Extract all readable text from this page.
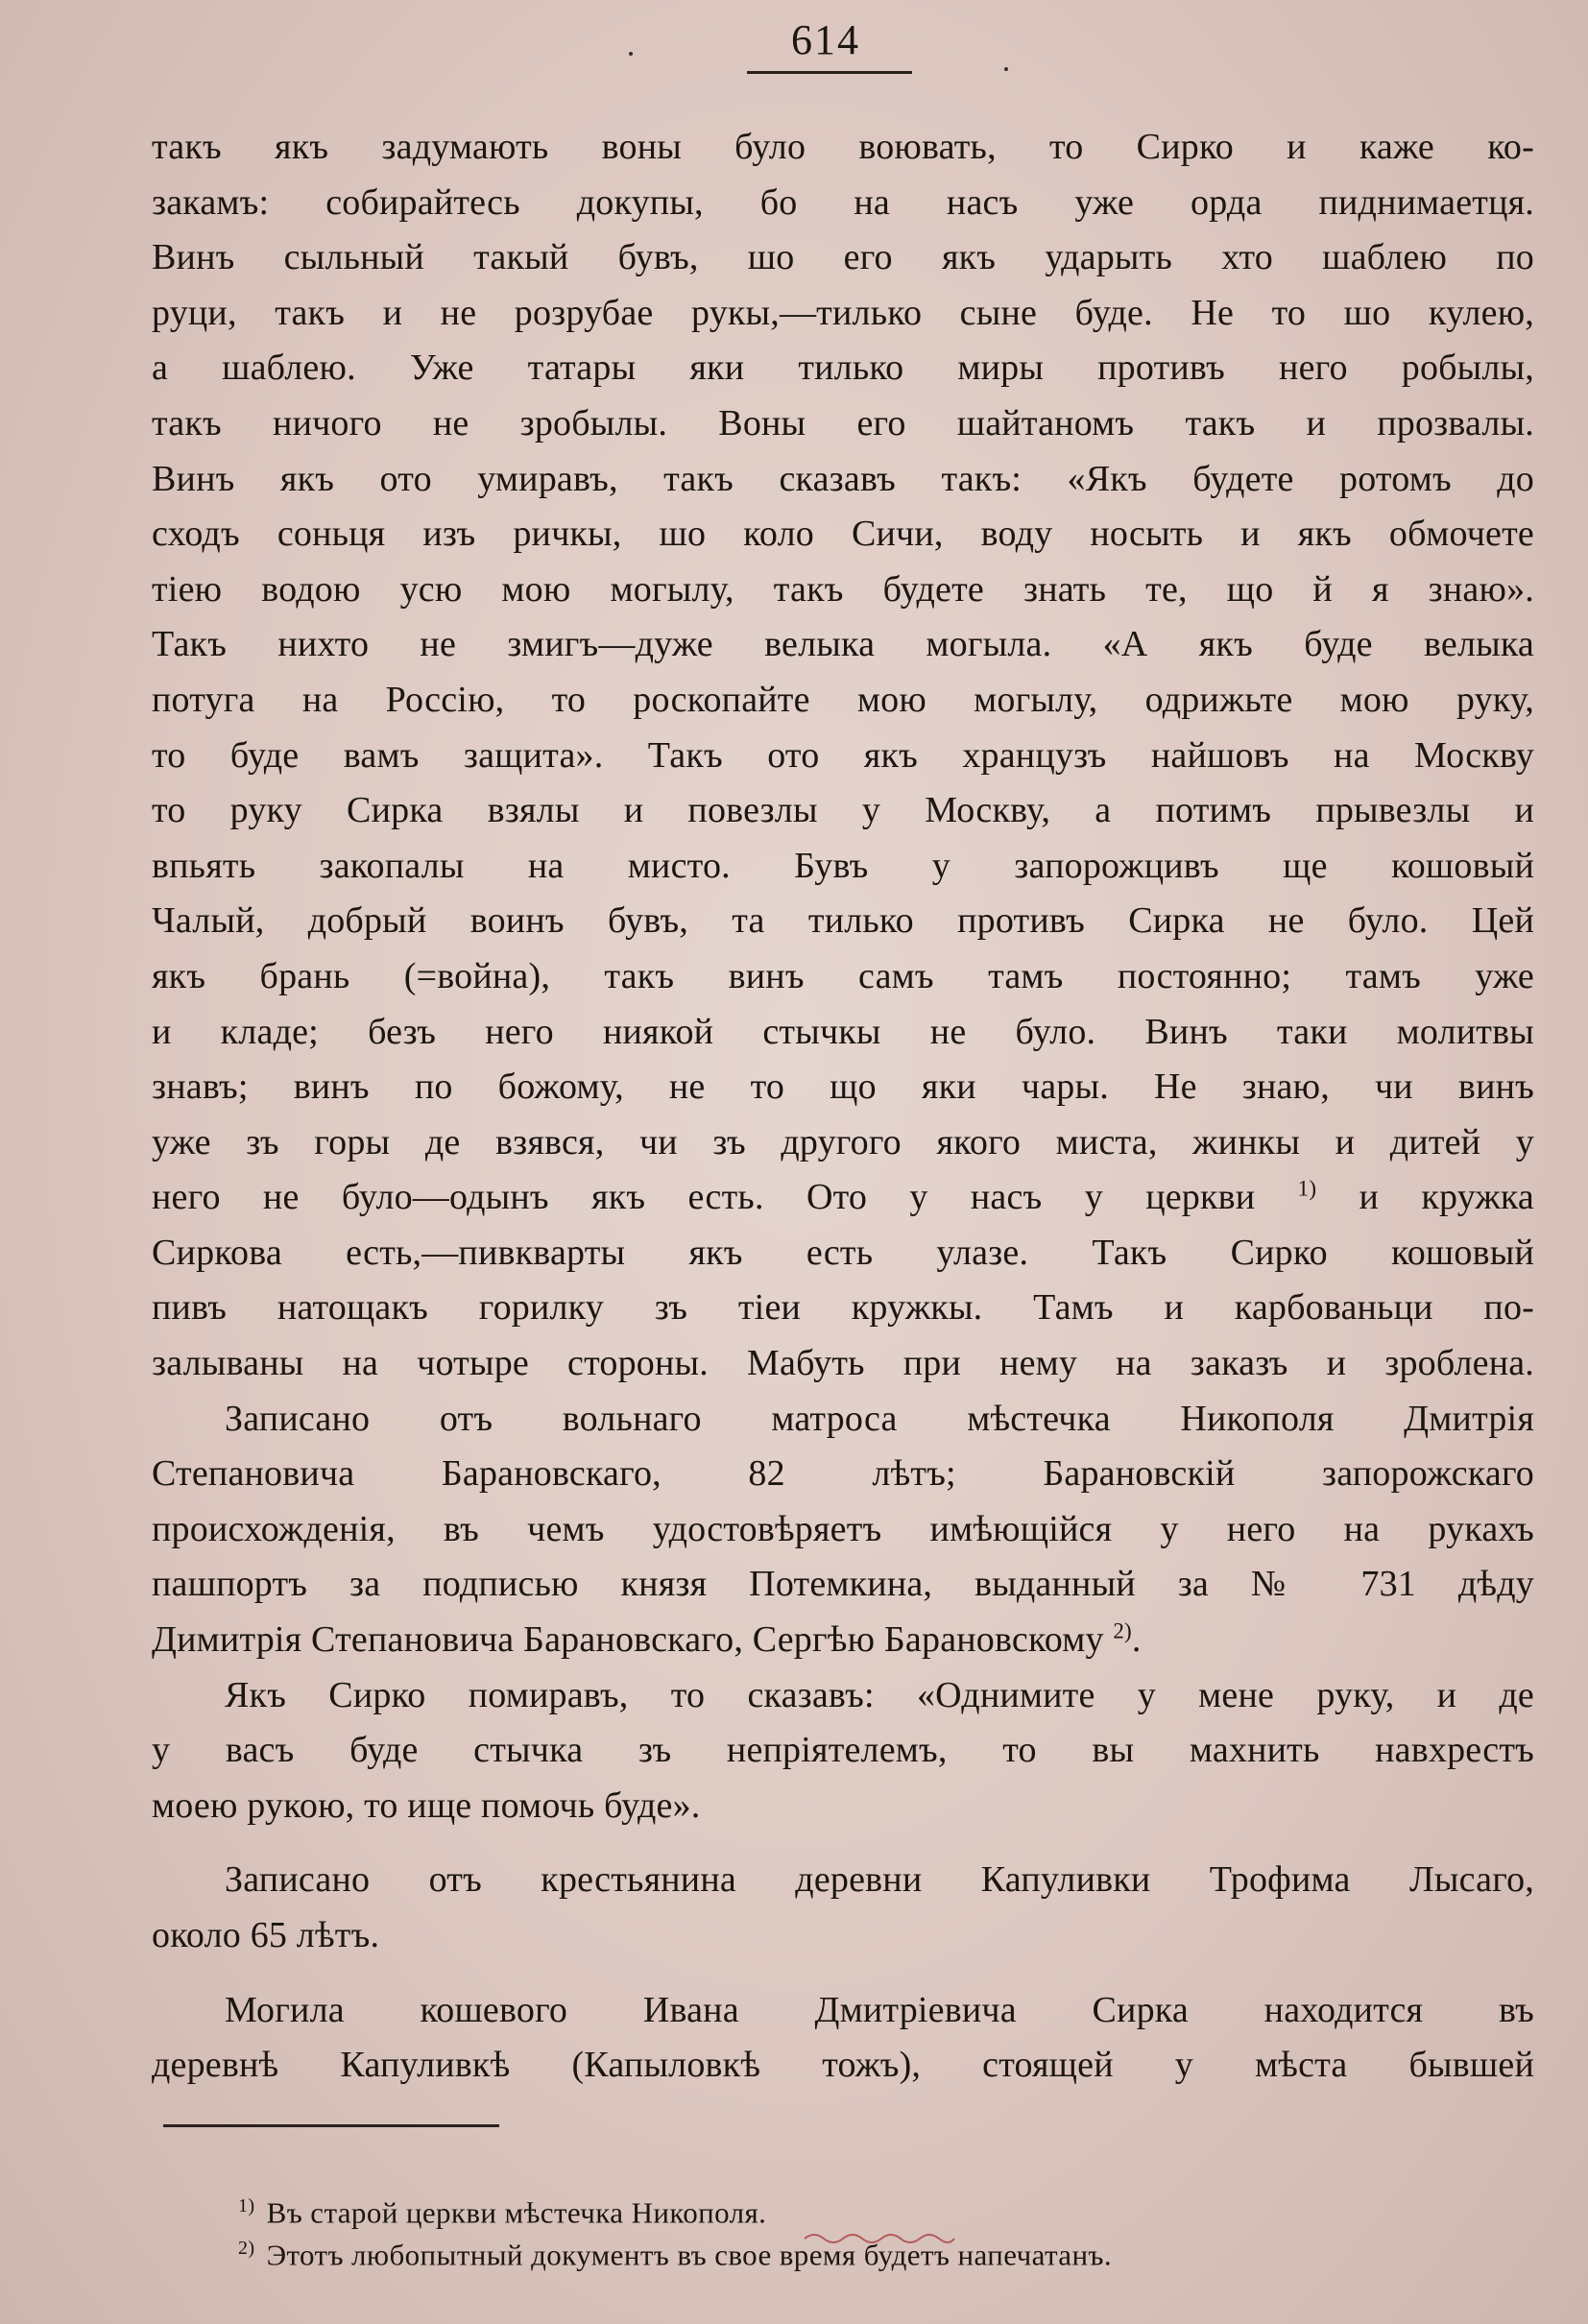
614
такъ якъ задумають воны було воювать, то Сирко и каже ко-
закамъ: собирайтесь докупы, бо на насъ уже орда пиднимаетця.
Винъ сыльный такый бувъ, шо его якъ ударыть хто шаблею по
руци, такъ и не розрубае рукы,—тилько сыне буде. Не то шо кулею,
а шаблею. Уже татары яки тилько миры противъ него робылы,
такъ ничого не зробылы. Воны его шайтаномъ такъ и прозвалы.
Винъ якъ ото умиравъ, такъ сказавъ такъ: «Якъ будете ротомъ до
сходъ соньця изъ ричкы, шо коло Сичи, воду носыть и якъ обмочете
тiею водою усю мою могылу, такъ будете знать те, що й я знаю».
Такъ нихто не змигъ—дуже велыка могыла. «А якъ буде велыка
потуга на Россiю, то роскопайте мою могылу, одрижьте мою руку,
то буде вамъ защита». Такъ ото якъ хранцузъ найшовъ на Москву
то руку Сирка взялы и повезлы у Москву, а потимъ прывезлы и
впьять закопалы на мисто. Бувъ у запорожцивъ ще кошовый
Чалый, добрый воинъ бувъ, та тилько противъ Сирка не було. Цей
якъ брань (=война), такъ винъ самъ тамъ постоянно; тамъ уже
и кладе; безъ него ниякой стычкы не було. Винъ таки молитвы
знавъ; винъ по божому, не то що яки чары. Не знаю, чи винъ
уже зъ горы де взявся, чи зъ другого якого миста, жинкы и дитей у
него не було—одынъ якъ есть. Ото у насъ у церкви $^{1)}$ и кружка
Сиркова есть,—пивкварты якъ есть улазе. Такъ Сирко кошовый
пивъ натощакъ горилку зъ тiеи кружкы. Тамъ и карбованьци по-
залываны на чотыре стороны. Мабуть при нему на заказъ и зроблена.
Записано отъ вольнаго матроса мѣстечка Никополя Дмитрiя
Степановича Барановскаго, 82 лѣтъ; Барановскiй запорожскаго
происхожденiя, въ чемъ удостовѣряетъ имѣющiйся у него на рукахъ
пашпортъ за подписью князя Потемкина, выданный за № 731 дѣду
Димитрiя Степановича Барановскаго, Сергѣю Барановскому $^{2)}$.
Якъ Сирко помиравъ, то сказавъ: «Однимите у мене руку, и де
у васъ буде стычка зъ непрiятелемъ, то вы махнить навхрестъ
моею рукою, то ище помочь буде».
Записано отъ крестьянина деревни Капуливки Трофима Лысаго,
около 65 лѣтъ.
Могила кошевого Ивана Дмитрiевича Сирка находится въ
деревнѣ Капуливкѣ (Капыловкѣ тожъ), стоящей у мѣста бывшей
$^{1)}$ Въ старой церкви мѣстечка Никополя.
$^{2)}$ Этотъ любопытный документъ въ свое время будетъ напечатанъ.
